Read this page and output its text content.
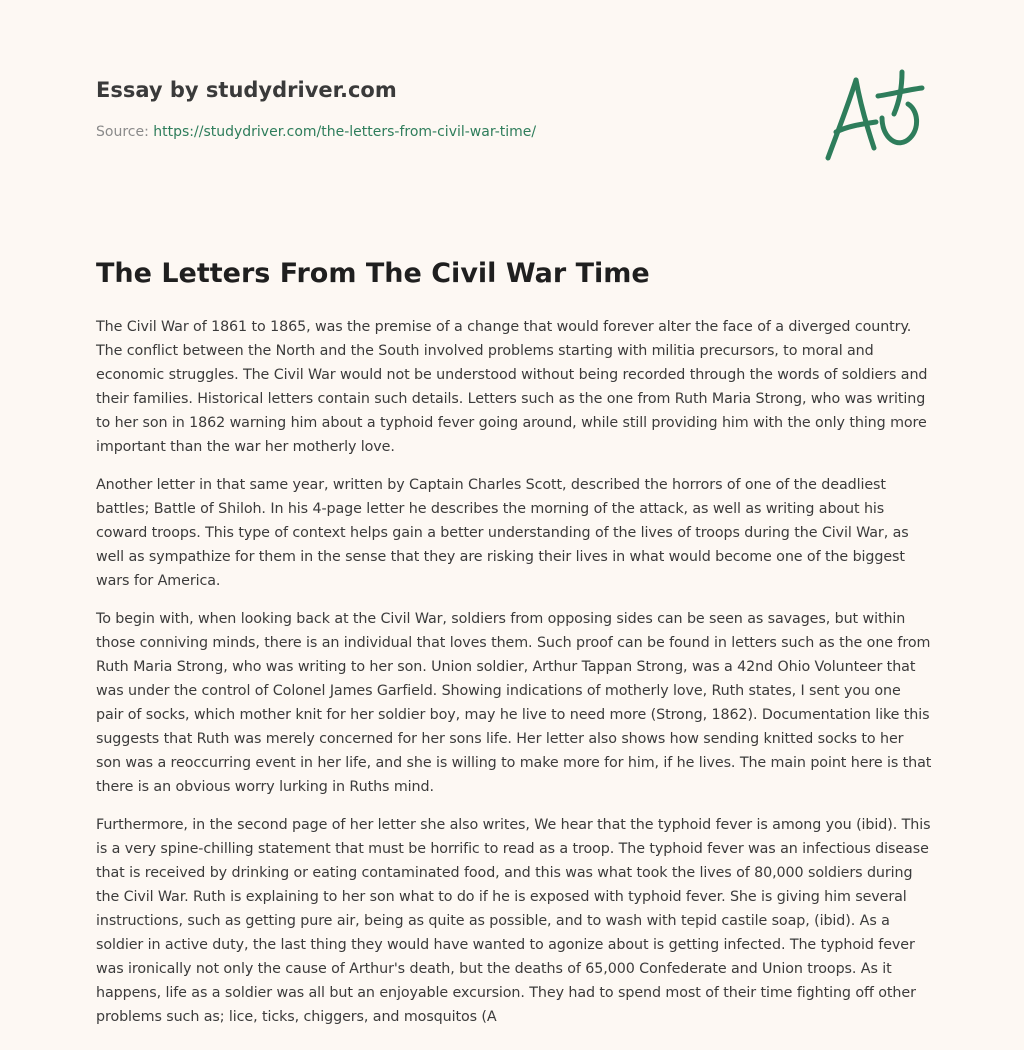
Essay by studydriver.com
Source: https://studydriver.com/the-letters-from-civil-war-time/
The Letters From The Civil War Time

The Civil War of 1861 to 1865, was the premise of a change that would forever alter the face of a diverged country. The conflict between the North and the South involved problems starting with militia precursors, to moral and economic struggles. The Civil War would not be understood without being recorded through the words of soldiers and their families. Historical letters contain such details. Letters such as the one from Ruth Maria Strong, who was writing to her son in 1862 warning him about a typhoid fever going around, while still providing him with the only thing more important than the war her motherly love.

Another letter in that same year, written by Captain Charles Scott, described the horrors of one of the deadliest battles; Battle of Shiloh. In his 4-page letter he describes the morning of the attack, as well as writing about his coward troops. This type of context helps gain a better understanding of the lives of troops during the Civil War, as well as sympathize for them in the sense that they are risking their lives in what would become one of the biggest wars for America.

To begin with, when looking back at the Civil War, soldiers from opposing sides can be seen as savages, but within those conniving minds, there is an individual that loves them. Such proof can be found in letters such as the one from Ruth Maria Strong, who was writing to her son. Union soldier, Arthur Tappan Strong, was a 42nd Ohio Volunteer that was under the control of Colonel James Garfield. Showing indications of motherly love, Ruth states, I sent you one pair of socks, which mother knit for her soldier boy, may he live to need more (Strong, 1862). Documentation like this suggests that Ruth was merely concerned for her sons life. Her letter also shows how sending knitted socks to her son was a reoccurring event in her life, and she is willing to make more for him, if he lives. The main point here is that there is an obvious worry lurking in Ruths mind.

Furthermore, in the second page of her letter she also writes, We hear that the typhoid fever is among you (ibid). This is a very spine-chilling statement that must be horrific to read as a troop. The typhoid fever was an infectious disease that is received by drinking or eating contaminated food, and this was what took the lives of 80,000 soldiers during the Civil War. Ruth is explaining to her son what to do if he is exposed with typhoid fever. She is giving him several instructions, such as getting pure air, being as quite as possible, and to wash with tepid castile soap, (ibid). As a soldier in active duty, the last thing they would have wanted to agonize about is getting infected. The typhoid fever was ironically not only the cause of Arthur's death, but the deaths of 65,000 Confederate and Union troops. As it happens, life as a soldier was all but an enjoyable excursion. They had to spend most of their time fighting off other problems such as; lice, ticks, chiggers, and mosquitos (A
